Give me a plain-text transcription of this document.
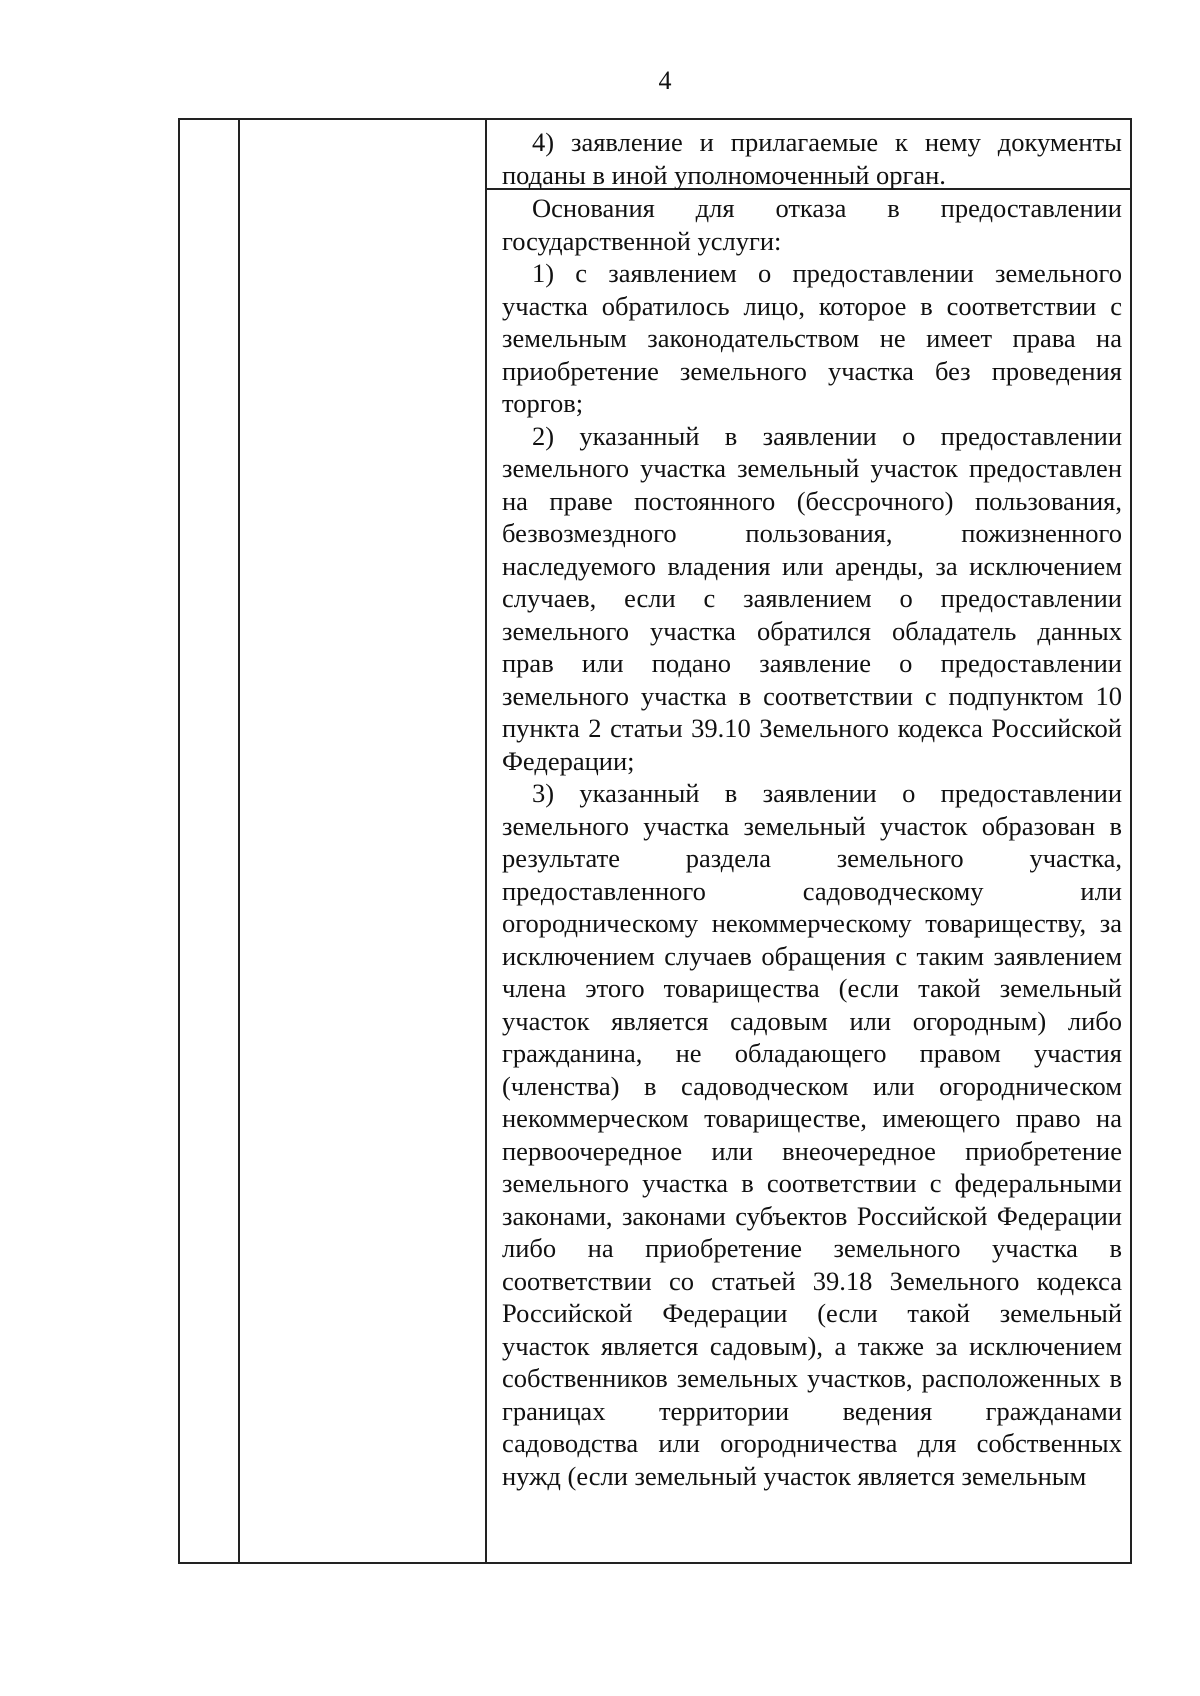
4

4) заявление и прилагаемые к нему документы поданы в иной уполномоченный орган.

Основания для отказа в предоставлении государственной услуги:

1) с заявлением о предоставлении земельного участка обратилось лицо, которое в соответствии с земельным законодательством не имеет права на приобретение земельного участка без проведения торгов;

2) указанный в заявлении о предоставлении земельного участка земельный участок предоставлен на праве постоянного (бессрочного) пользования, безвозмездного пользования, пожизненного наследуемого владения или аренды, за исключением случаев, если с заявлением о предоставлении земельного участка обратился обладатель данных прав или подано заявление о предоставлении земельного участка в соответствии с подпунктом 10 пункта 2 статьи 39.10 Земельного кодекса Российской Федерации;

3) указанный в заявлении о предоставлении земельного участка земельный участок образован в результате раздела земельного участка, предоставленного садоводческому или огородническому некоммерческому товариществу, за исключением случаев обращения с таким заявлением члена этого товарищества (если такой земельный участок является садовым или огородным) либо гражданина, не обладающего правом участия (членства) в садоводческом или огородническом некоммерческом товариществе, имеющего право на первоочередное или внеочередное приобретение земельного участка в соответствии с федеральными законами, законами субъектов Российской Федерации либо на приобретение земельного участка в соответствии со статьей 39.18 Земельного кодекса Российской Федерации (если такой земельный участок является садовым), а также за исключением собственников земельных участков, расположенных в границах территории ведения гражданами садоводства или огородничества для собственных нужд (если земельный участок является земельным
